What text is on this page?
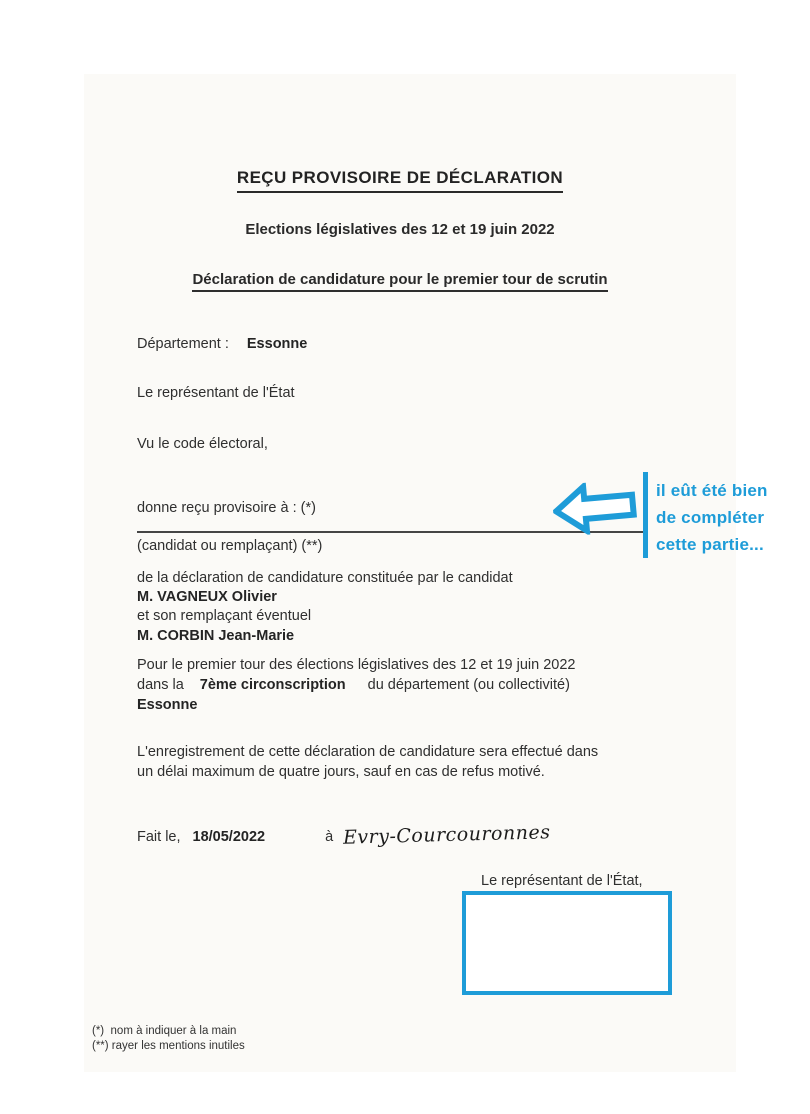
REÇU PROVISOIRE DE DÉCLARATION
Elections législatives des 12 et 19 juin 2022
Déclaration de candidature pour le premier tour de scrutin
Département : Essonne
Le représentant de l'État
Vu le code électoral,
donne reçu provisoire à : (*)
(candidat ou remplaçant) (**)
de la déclaration de candidature constituée par le candidat
M. VAGNEUX Olivier
et son remplaçant éventuel
M. CORBIN Jean-Marie
Pour le premier tour des élections législatives des 12 et 19 juin 2022
dans la 7ème circonscription du département (ou collectivité)
Essonne
L'enregistrement de cette déclaration de candidature sera effectué dans
un délai maximum de quatre jours, sauf en cas de refus motivé.
Fait le, 18/05/2022	à Evry-Courcouronnes
Le représentant de l'État,
(*)  nom à indiquer à la main
(**) rayer les mentions inutiles
il eût été bien
de compléter
cette partie...
